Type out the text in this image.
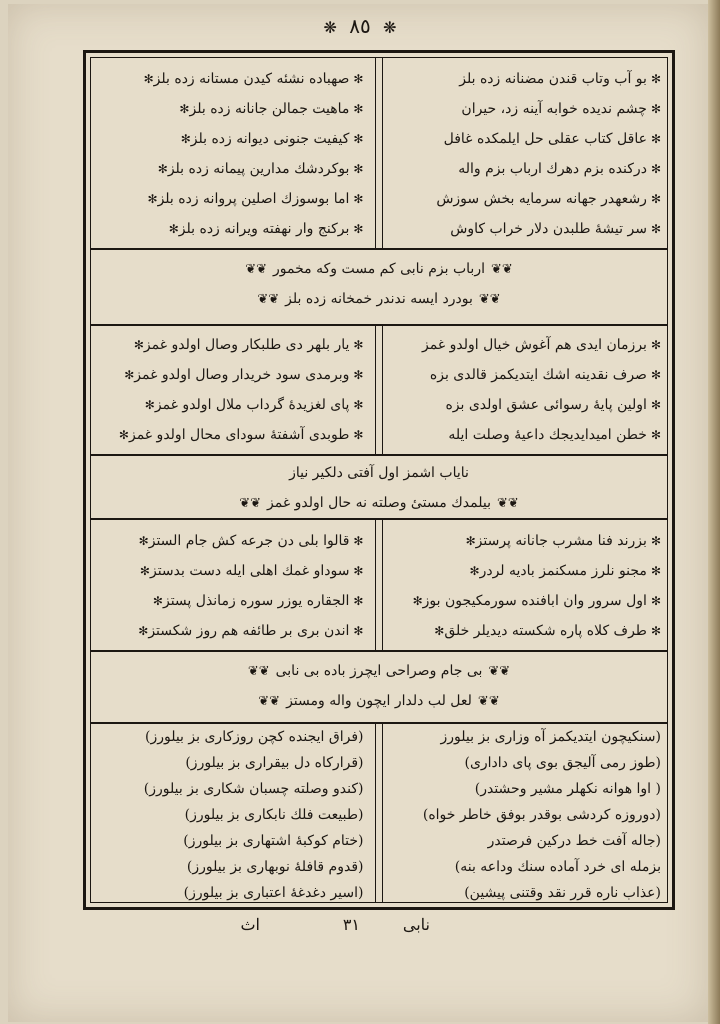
❋ ٨٥ ❋
✻بو آب وتاب قندن مضنانه زده بلز
✻چشم ندیده خوابه آینه زد، حیران
✻عاقل کتاب عقلی حل ایلمکده غافل
✻درکنده بزم دهرك ارباب بزم واله
✻رشعهدر جهانه سرمایه بخش سوزش
✻سر تیشهٔ طلبدن دلار خراب کاوش
✻صهباده نشئه کیدن مستانه زده بلز✻
✻ماهیت جمالن جانانه زده بلز✻
✻کیفیت جنونی دیوانه زده بلز✻
✻بوکردشك مدارین پیمانه زده بلز✻
✻اما بوسوزك اصلین پروانه زده بلز✻
✻برکنج وار نهفته ویرانه زده بلز✻
❦❦ارباب بزم نابی کم مست وکه مخمور❦❦
❦❦بودرد ایسه ندندر خمخانه زده بلز❦❦
✻برزمان ایدی هم آغوش خیال اولدو غمز
✻صرف نقدینه اشك ایتدیکمز قالدی بزه
✻اولین پایهٔ رسوائی عشق اولدی بزه
✻خطن امیدایدیجك داعیهٔ وصلت ایله
✻یار بلهر دی طلبکار وصال اولدو غمز✻
✻وبرمدی سود خریدار وصال اولدو غمز✻
✻پای لغزیدهٔ گرداب ملال اولدو غمز✻
✻طوبدی آشفتهٔ سودای محال اولدو غمز✻
نایاب اشمز اول آفتی دلکیر نیاز
❦❦بیلمدك مستیٔ وصلته نه حال اولدو غمز❦❦
✻بزرند فنا مشرب جانانه پرستز✻
✻مجنو نلرز مسکنمز بادیه لردر✻
✻اول سرور وان ابافنده سورمکیجون بوز✻
✻طرف کلاه پاره شکسته دیدیلر خلق✻
✻قالوا بلی دن جرعه کش جام الستز✻
✻سوداو غمك اهلی ایله دست بدستز✻
✻الجقاره یوزر سوره زمانذل پستز✻
✻اندن بری بر طائفه هم روز شکستز✻
❦❦بی جام وصراحی ایچرز باده بی نابی❦❦
❦❦لعل لب دلدار ایچون واله ومستز❦❦
(سنکیچون ایتدیکمز آه وزاری بز بیلورز
(طوز رمی آلیجق بوی پای داداری)
( اوا هوانه نکهلر مشیر وحشتدر)
(دوروزه کردشی بوقدر بوفق خاطر خواه)
(جاله آفت خط درکین فرصتدر
بزمله ای خرد آماده سنك وداعه بنه)
(عذاب ناره قرر نقد وقتنی پیشین)
(فراق ایجنده کچن روزکاری بز بیلورز)
(قرارکاه دل بیقراری بز بیلورز)
(کندو وصلته چسبان شکاری بز بیلورز)
(طبیعت فلك نابکاری بز بیلورز)
(ختام کوکبهٔ اشتهاری بز بیلورز)
(قدوم قافلهٔ نوبهاری بز بیلورز)
(اسیر دغدغهٔ اعتباری بز بیلورز)
نابی
٣١
اث
